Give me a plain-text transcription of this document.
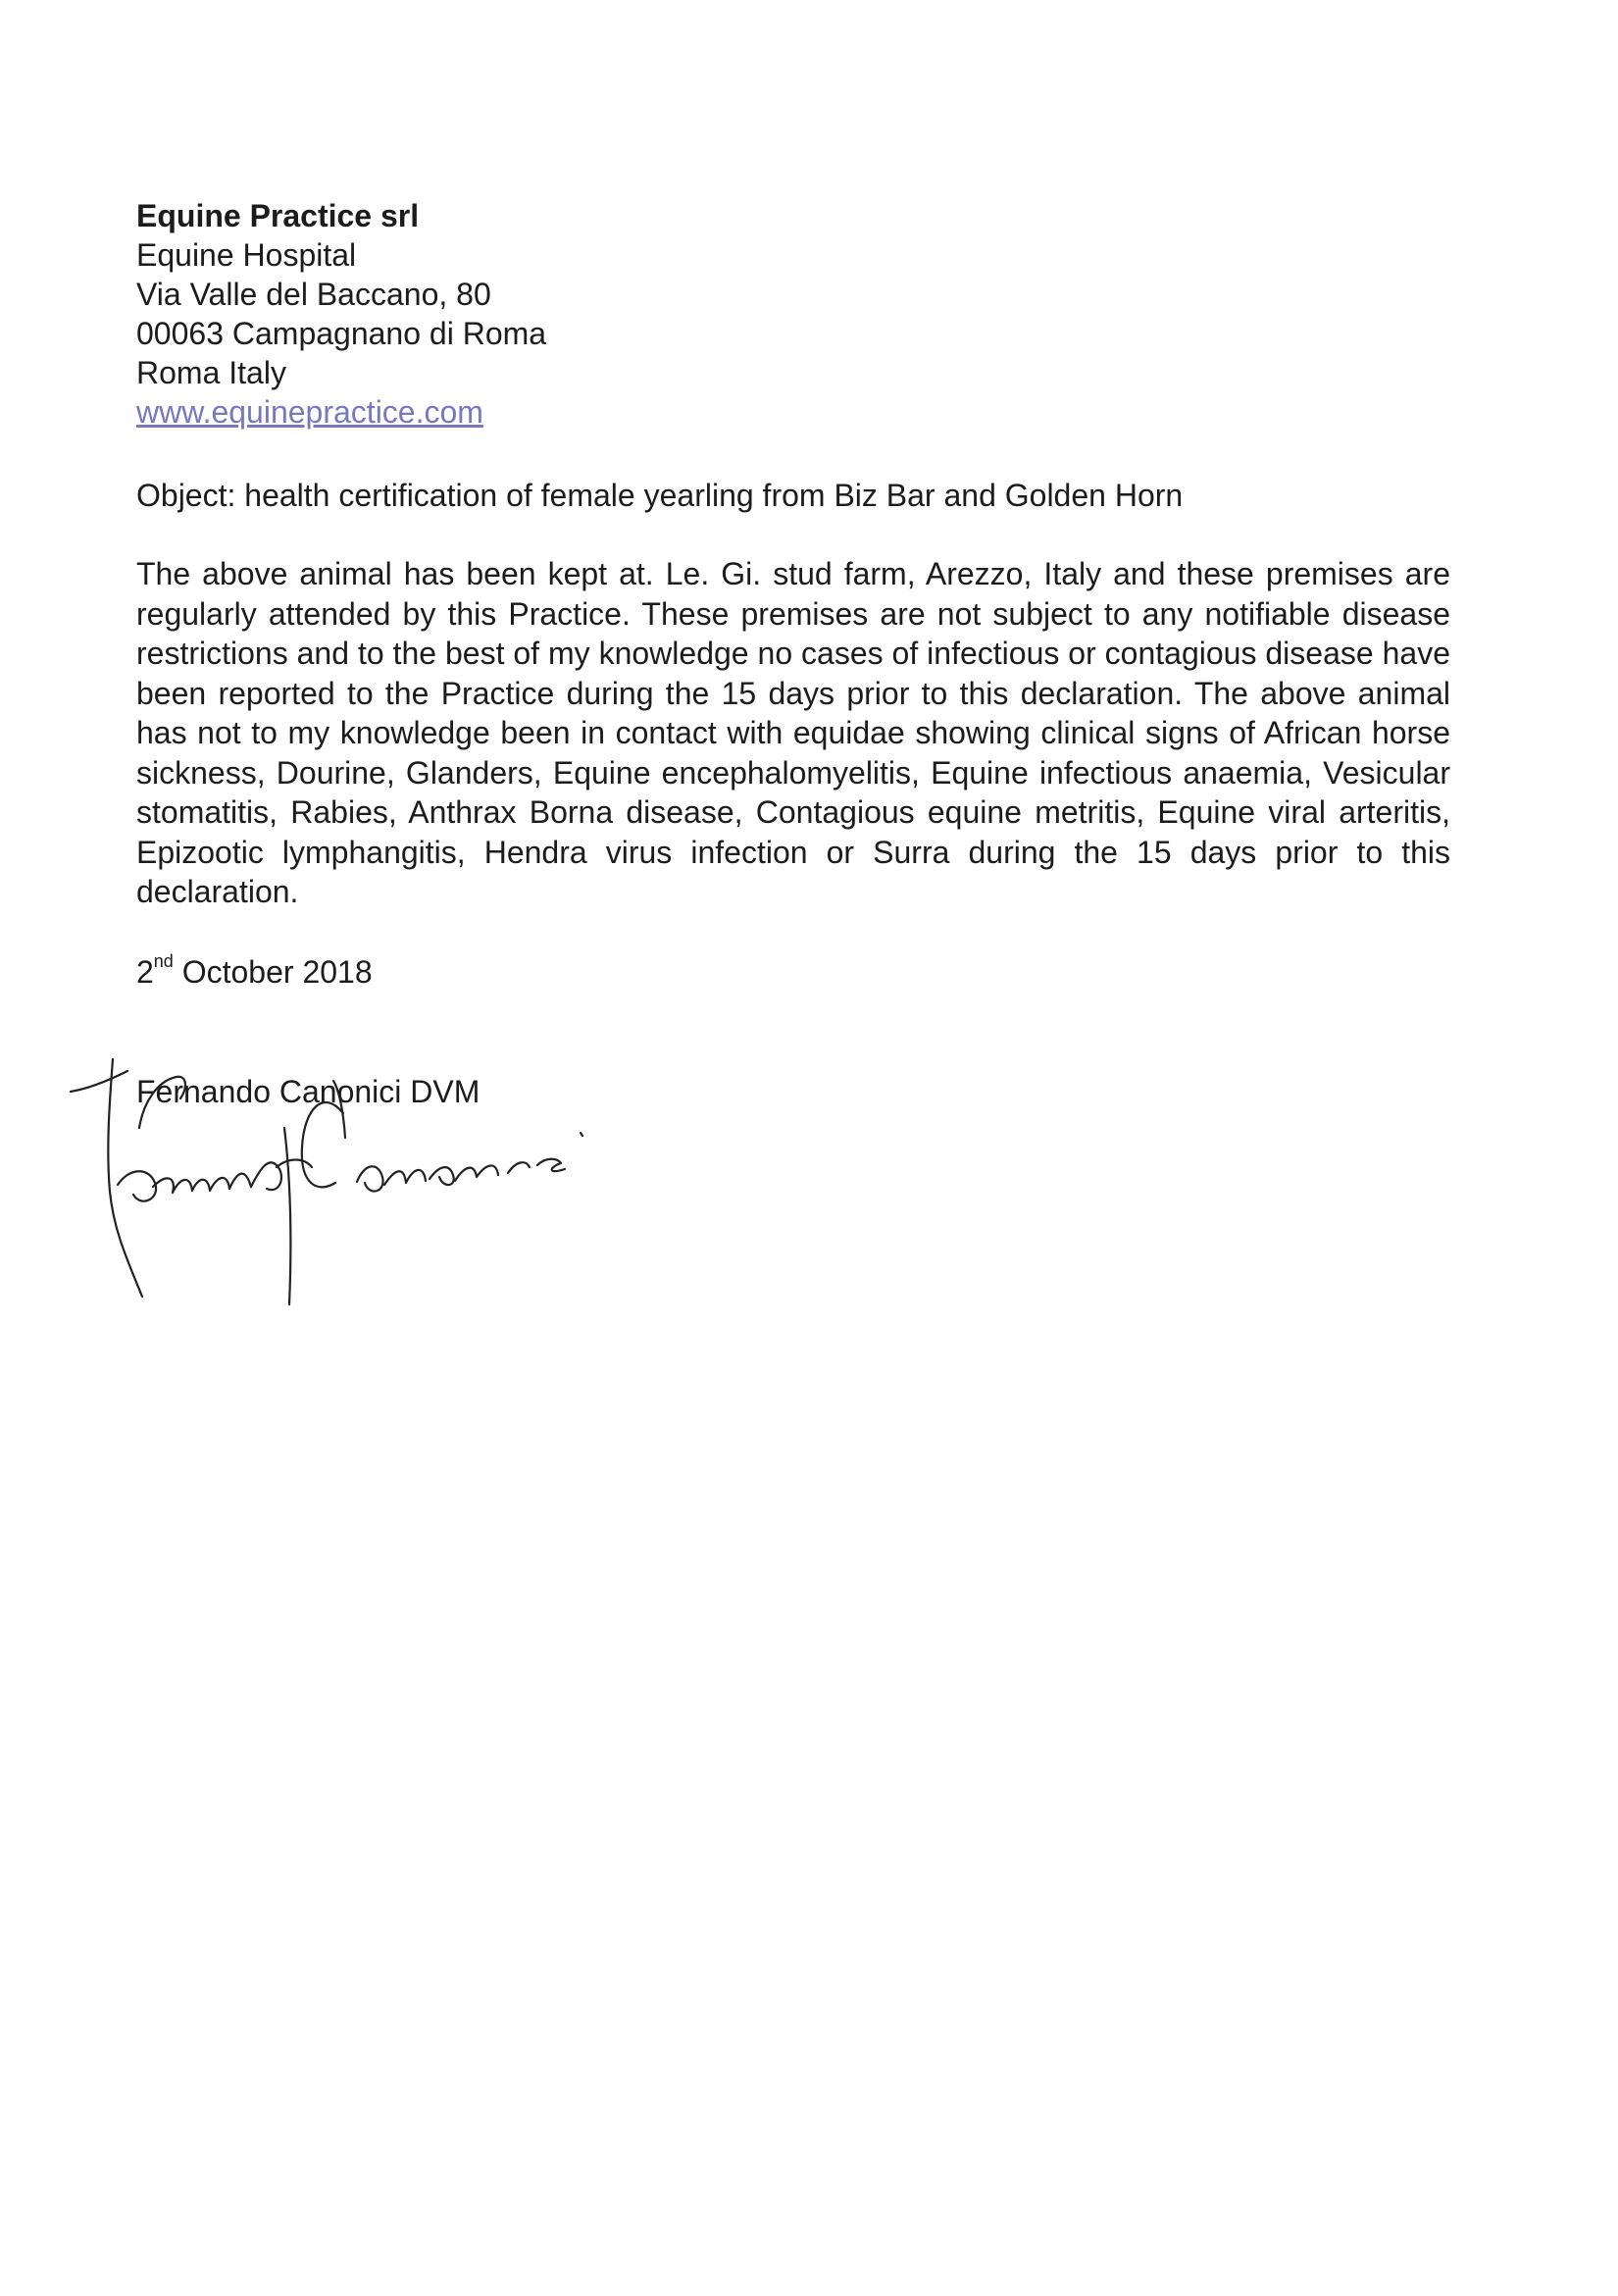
Equine Practice srl
Equine Hospital
Via Valle del Baccano, 80
00063 Campagnano di Roma
Roma Italy
www.equinepractice.com
Object: health certification of female yearling from Biz Bar and Golden Horn
The above animal has been kept at. Le. Gi. stud farm, Arezzo, Italy and these premises are regularly attended by this Practice. These premises are not subject to any notifiable disease restrictions and to the best of my knowledge no cases of infectious or contagious disease have been reported to the Practice during the 15 days prior to this declaration. The above animal has not to my knowledge been in contact with equidae showing clinical signs of African horse sickness, Dourine, Glanders, Equine encephalomyelitis, Equine infectious anaemia, Vesicular stomatitis, Rabies, Anthrax Borna disease, Contagious equine metritis, Equine viral arteritis, Epizootic lymphangitis, Hendra virus infection or Surra during the 15 days prior to this declaration.
2nd October 2018
Fernando Canonici DVM
